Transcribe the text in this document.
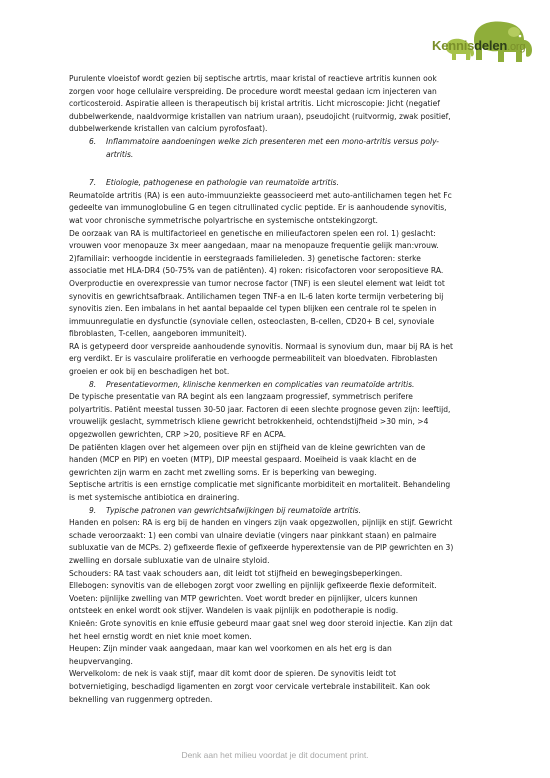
Kennisdelen.org

Purulente vloeistof wordt gezien bij septische artrtis, maar kristal of reactieve artritis kunnen ook

zorgen voor hoge cellulaire verspreiding. De procedure wordt meestal gedaan icm injecteren van

corticosteroid. Aspiratie alleen is therapeutisch bij kristal artritis. Licht microscopie: Jicht (negatief

dubbelwerkende, naaldvormige kristallen van natrium uraan), pseudojicht (ruitvormig, zwak positief,

dubbelwerkende kristallen van calcium pyrofosfaat).

6. Inflammatoire aandoeningen welke zich presenteren met een mono-artritis versus poly-

artritis.

7. Etiologie, pathogenese en pathologie van reumatoïde artritis.

Reumatoïde artritis (RA) is een auto-immuunziekte geassocieerd met auto-antilichamen tegen het Fc

gedeelte van immunoglobuline G en tegen citrullinated cyclic peptide. Er is aanhoudende synovitis,

wat voor chronische symmetrische polyartrische en systemische ontstekingzorgt.

De oorzaak van RA is multifactorieel en genetische en milieufactoren spelen een rol. 1) geslacht:

vrouwen voor menopauze 3x meer aangedaan, maar na menopauze frequentie gelijk man:vrouw.

2)familiair: verhoogde incidentie in eerstegraads familieleden. 3) genetische factoren: sterke

associatie met HLA-DR4 (50-75% van de patiënten). 4) roken: risicofactoren voor seropositieve RA.

Overproductie en overexpressie van tumor necrose factor (TNF) is een sleutel element wat leidt tot

synovitis en gewrichtsafbraak. Antilichamen tegen TNF-a en IL-6 laten korte termijn verbetering bij

synovitis zien. Een imbalans in het aantal bepaalde cel typen blijken een centrale rol te spelen in

immuunregulatie en dysfunctie (synoviale cellen, osteoclasten, B-cellen, CD20+ B cel, synoviale

fibroblasten, T-cellen, aangeboren immuniteit).

RA is getypeerd door verspreide aanhoudende synovitis. Normaal is synovium dun, maar bij RA is het

erg verdikt. Er is vasculaire proliferatie en verhoogde permeabiliteit van bloedvaten. Fibroblasten

groeien er ook bij en beschadigen het bot.

8. Presentatievormen, klinische kenmerken en complicaties van reumatoïde artritis.

De typische presentatie van RA begint als een langzaam progressief, symmetrisch perifere

polyartritis. Patiënt meestal tussen 30-50 jaar. Factoren di eeen slechte prognose geven zijn: leeftijd,

vrouwelijk geslacht, symmetrisch kliene gewricht betrokkenheid, ochtendstijfheid >30 min, >4

opgezwollen gewrichten, CRP >20, positieve RF en ACPA.

De patiënten klagen over het algemeen over pijn en stijfheid van de kleine gewrichten van de

handen (MCP en PIP) en voeten (MTP), DIP meestal gespaard. Moeiheid is vaak klacht en de

gewrichten zijn warm en zacht met zwelling soms. Er is beperking van beweging.

Septische artritis is een ernstige complicatie met significante morbiditeit en mortaliteit. Behandeling

is met systemische antibiotica en drainering.

9. Typische patronen van gewrichtsafwijkingen bij reumatoïde artritis.

Handen en polsen: RA is erg bij de handen en vingers zijn vaak opgezwollen, pijnlijk en stijf. Gewricht

schade veroorzaakt: 1) een combi van ulnaire deviatie (vingers naar pinkkant staan) en palmaire

subluxatie van de MCPs. 2) gefixeerde flexie of gefixeerde hyperextensie van de PIP gewrichten en 3)

zwelling en dorsale subluxatie van de ulnaire styloid.

Schouders: RA tast vaak schouders aan, dit leidt tot stijfheid en bewegingsbeperkingen.

Ellebogen: synovitis van de ellebogen zorgt voor zwelling en pijnlijk gefixeerde flexie deformiteit.

Voeten: pijnlijke zwelling van MTP gewrichten. Voet wordt breder en pijnlijker, ulcers kunnen

ontsteek en enkel wordt ook stijver. Wandelen is vaak pijnlijk en podotherapie is nodig.

Knieën: Grote synovitis en knie effusie gebeurd maar gaat snel weg door steroid injectie. Kan zijn dat

het heel ernstig wordt en niet knie moet komen.

Heupen: Zijn minder vaak aangedaan, maar kan wel voorkomen en als het erg is dan

heupvervanging.

Wervelkolom: de nek is vaak stijf, maar dit komt door de spieren. De synovitis leidt tot

botvernietiging, beschadigd ligamenten en zorgt voor cervicale vertebrale instabiliteit. Kan ook

beknelling van ruggenmerg optreden.

Denk aan het milieu voordat je dit document print.
